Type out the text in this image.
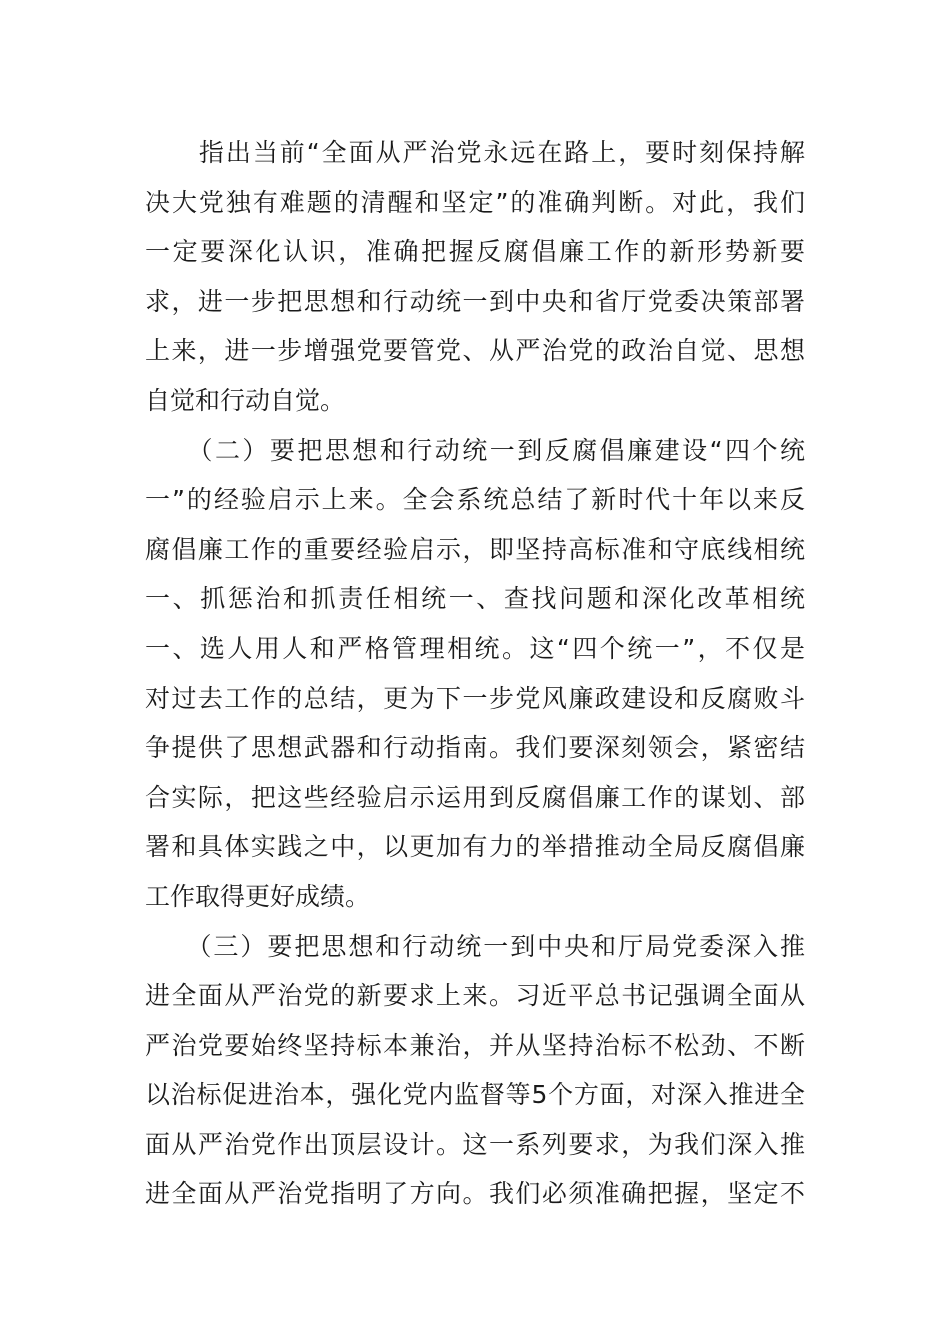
　　指出当前“全面从严治党永远在路上，要时刻保持解
决大党独有难题的清醒和坚定”的准确判断。对此，我们
一定要深化认识，准确把握反腐倡廉工作的新形势新要
求，进一步把思想和行动统一到中央和省厅党委决策部署
上来，进一步增强党要管党、从严治党的政治自觉、思想
自觉和行动自觉。
　　（二）要把思想和行动统一到反腐倡廉建设“四个统
一”的经验启示上来。全会系统总结了新时代十年以来反
腐倡廉工作的重要经验启示，即坚持高标准和守底线相统
一、抓惩治和抓责任相统一、查找问题和深化改革相统
一、选人用人和严格管理相统。这“四个统一”，不仅是
对过去工作的总结，更为下一步党风廉政建设和反腐败斗
争提供了思想武器和行动指南。我们要深刻领会，紧密结
合实际，把这些经验启示运用到反腐倡廉工作的谋划、部
署和具体实践之中，以更加有力的举措推动全局反腐倡廉
工作取得更好成绩。
　　（三）要把思想和行动统一到中央和厅局党委深入推
进全面从严治党的新要求上来。习近平总书记强调全面从
严治党要始终坚持标本兼治，并从坚持治标不松劲、不断
以治标促进治本，强化党内监督等5个方面，对深入推进全
面从严治党作出顶层设计。这一系列要求，为我们深入推
进全面从严治党指明了方向。我们必须准确把握，坚定不
